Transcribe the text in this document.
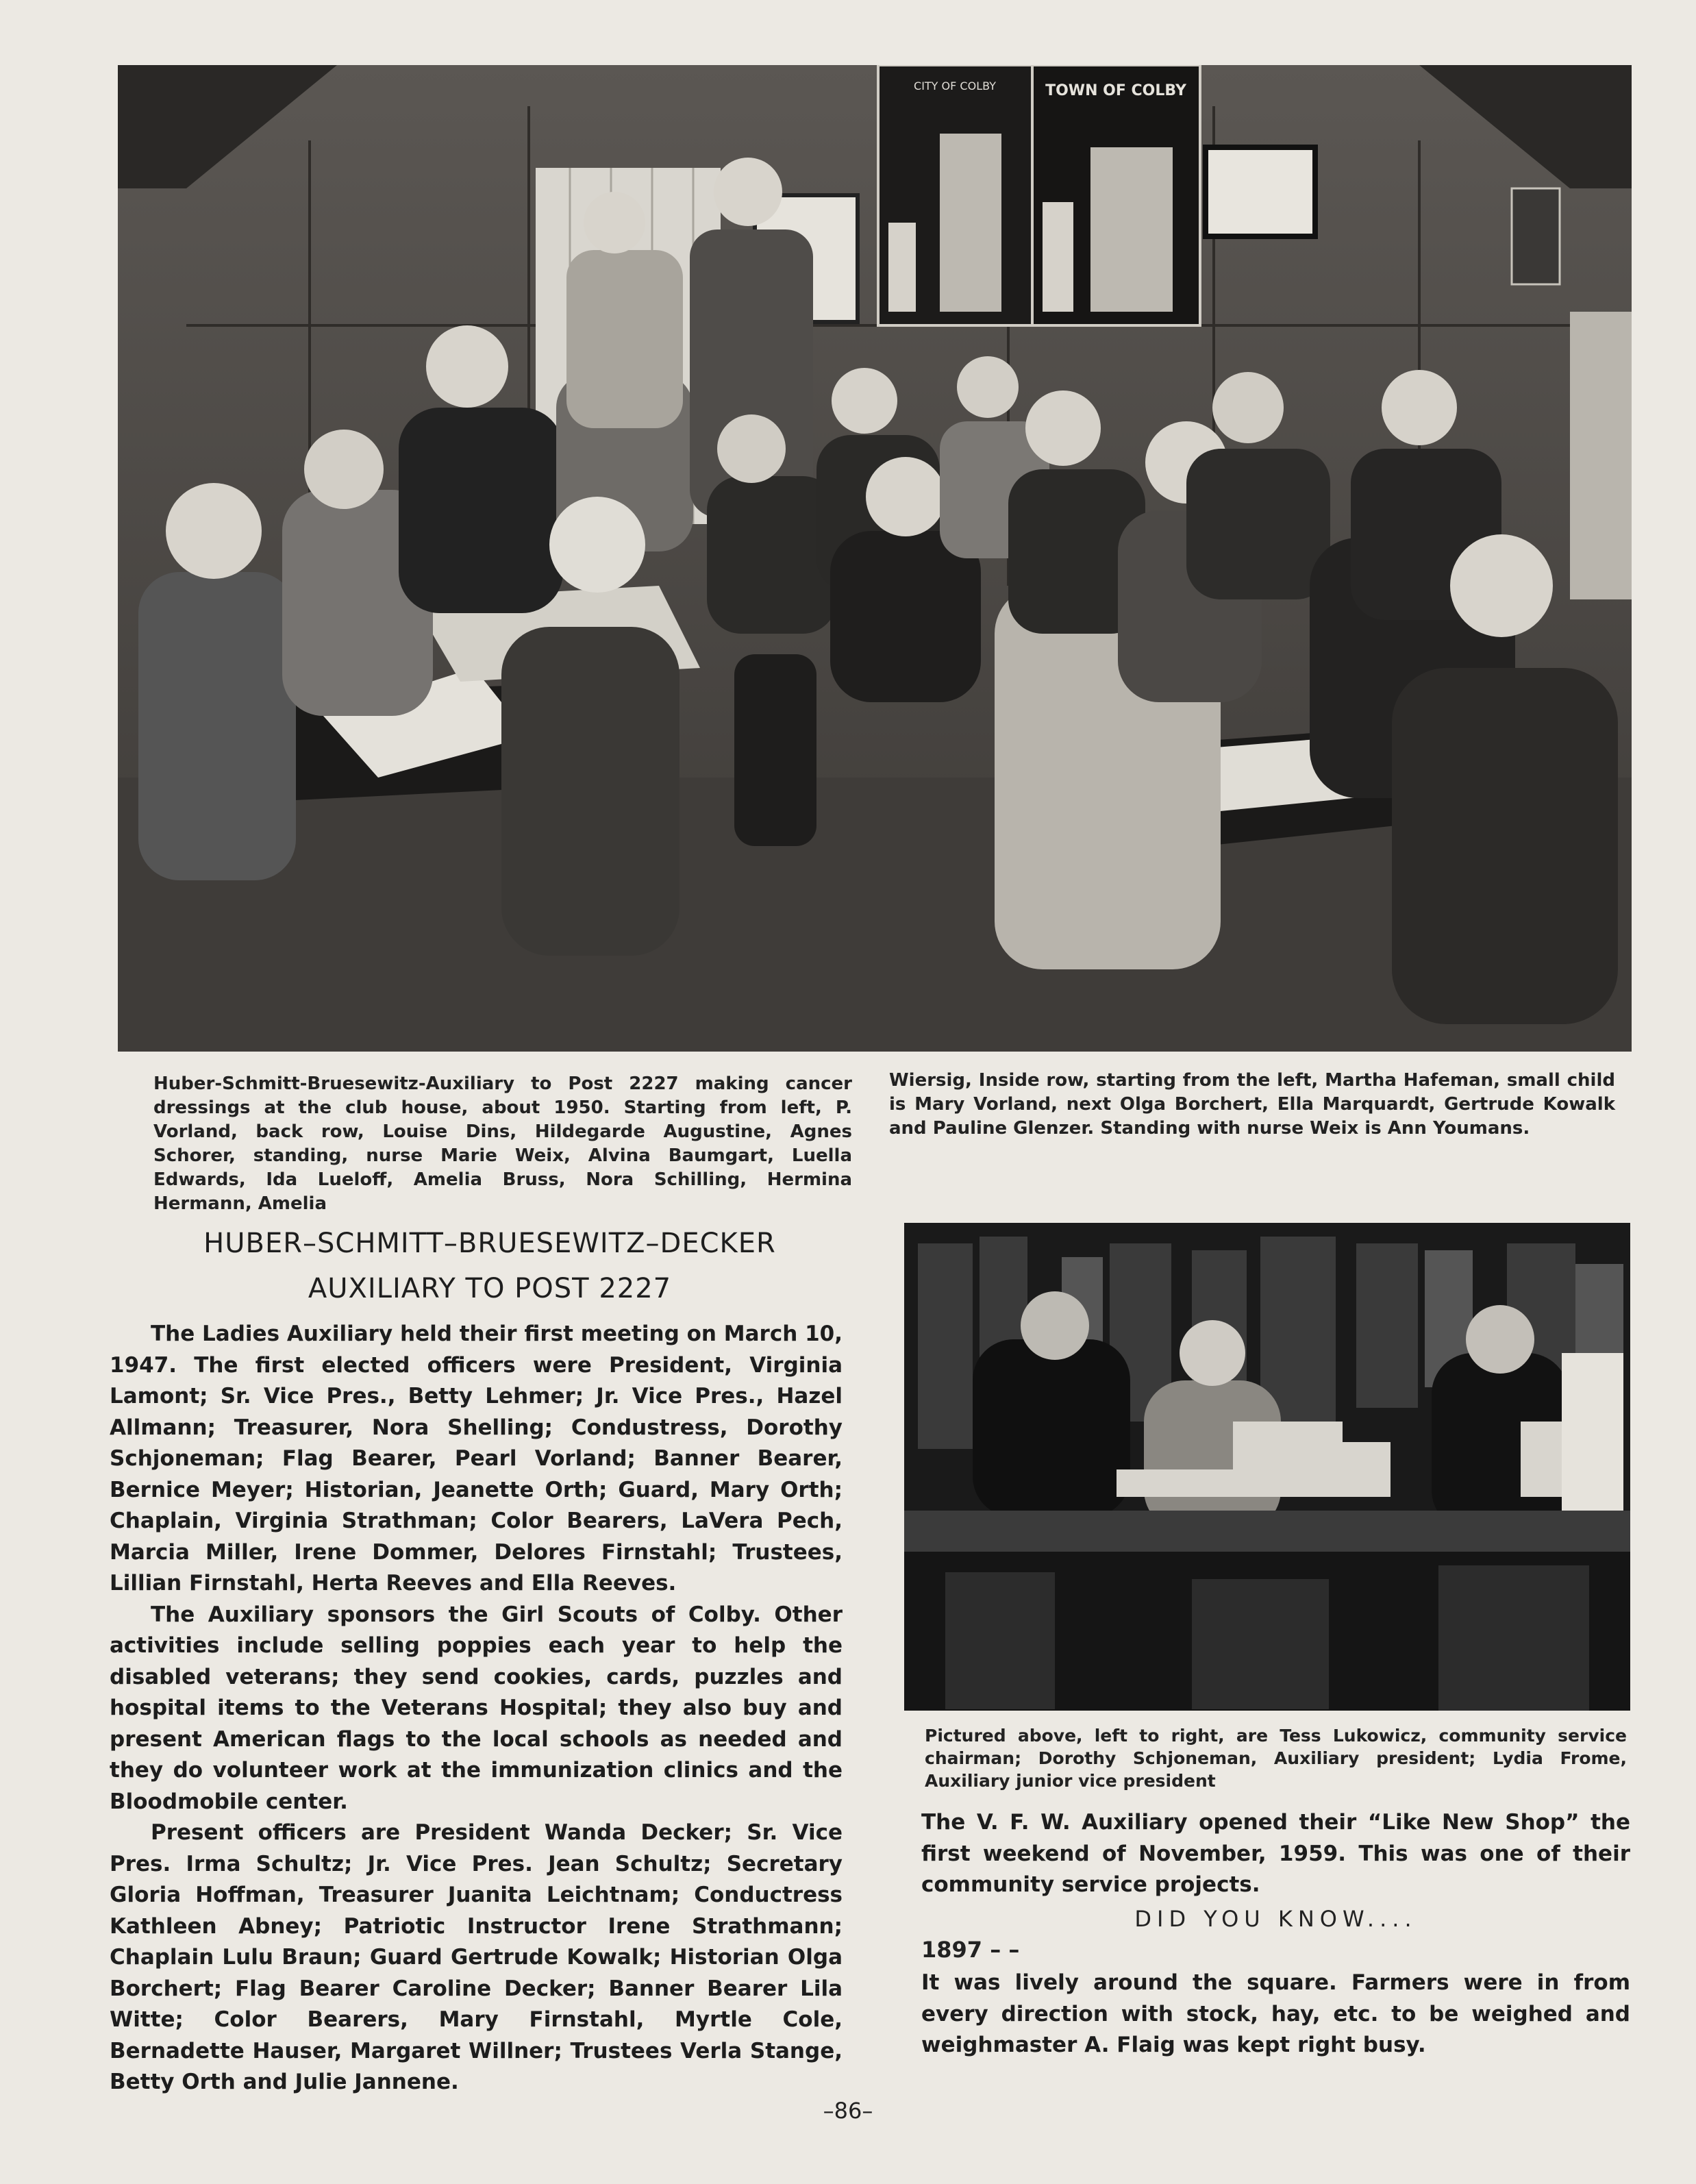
CITY OF COLBY	TOWN OF COLBY
Huber-Schmitt-Bruesewitz-Auxiliary to Post 2227 making cancer dressings at the club house, about 1950. Starting from left, P. Vorland, back row, Louise Dins, Hildegarde Augustine, Agnes Schorer, standing, nurse Marie Weix, Alvina Baumgart, Luella Edwards, Ida Lueloff, Amelia Bruss, Nora Schilling, Hermina Hermann, Amelia
Wiersig, Inside row, starting from the left, Martha Hafeman, small child is Mary Vorland, next Olga Borchert, Ella Marquardt, Gertrude Kowalk and Pauline Glenzer. Standing with nurse Weix is Ann Youmans.
HUBER–SCHMITT–BRUESEWITZ–DECKER
AUXILIARY TO POST 2227

The Ladies Auxiliary held their first meeting on March 10, 1947. The first elected officers were President, Virginia Lamont; Sr. Vice Pres., Betty Lehmer; Jr. Vice Pres., Hazel Allmann; Treasurer, Nora Shelling; Condustress, Dorothy Schjoneman; Flag Bearer, Pearl Vorland; Banner Bearer, Bernice Meyer; Historian, Jeanette Orth; Guard, Mary Orth; Chaplain, Virginia Strathman; Color Bearers, LaVera Pech, Marcia Miller, Irene Dommer, Delores Firnstahl; Trustees, Lillian Firnstahl, Herta Reeves and Ella Reeves.

The Auxiliary sponsors the Girl Scouts of Colby. Other activities include selling poppies each year to help the disabled veterans; they send cookies, cards, puzzles and hospital items to the Veterans Hospital; they also buy and present American flags to the local schools as needed and they do volunteer work at the immunization clinics and the Bloodmobile center.

Present officers are President Wanda Decker; Sr. Vice Pres. Irma Schultz; Jr. Vice Pres. Jean Schultz; Secretary Gloria Hoffman, Treasurer Juanita Leichtnam; Conductress Kathleen Abney; Patriotic Instructor Irene Strathmann; Chaplain Lulu Braun; Guard Gertrude Kowalk; Historian Olga Borchert; Flag Bearer Caroline Decker; Banner Bearer Lila Witte; Color Bearers, Mary Firnstahl, Myrtle Cole, Bernadette Hauser, Margaret Willner; Trustees Verla Stange, Betty Orth and Julie Jannene.

Pictured above, left to right, are Tess Lukowicz, community service chairman; Dorothy Schjoneman, Auxiliary president; Lydia Frome, Auxiliary junior vice president
The V. F. W. Auxiliary opened their “Like New Shop” the first weekend of November, 1959. This was one of their community service projects.
DID YOU KNOW....
1897 – –
It was lively around the square. Farmers were in from every direction with stock, hay, etc. to be weighed and weighmaster A. Flaig was kept right busy.
–86–
